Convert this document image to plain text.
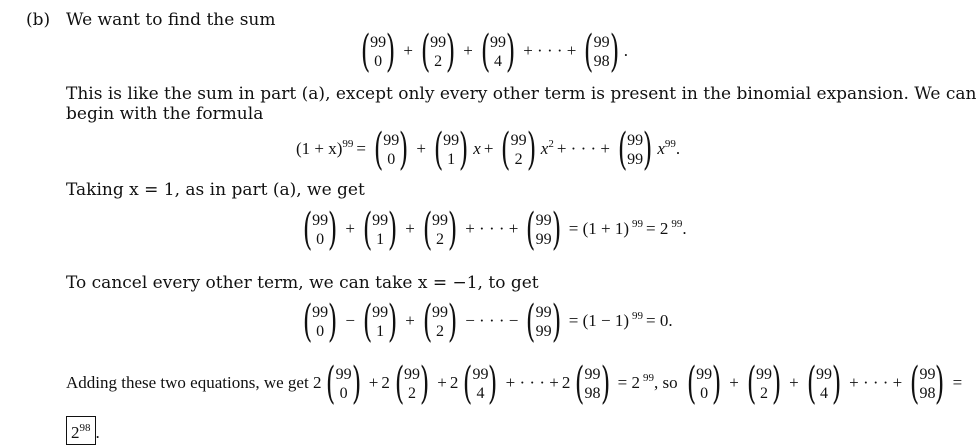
(b) We want to find the sum
( 99
0 ) + ( 99
2 ) + ( 99
4 ) + · · · + ( 99
98 ) .
This is like the sum in part (a), except only every other term is present in the binomial expansion. We can
begin with the formula
$(1 + x)^{99}$ = ( 99
0 ) + ( 99
1 ) x + ( 99
2 ) $x^2$ + · · · + ( 99
99 ) $x^{99}$.
Taking x = 1, as in part (a), we get
( 99
0 ) + ( 99
1 ) + ( 99
2 ) + · · · + ( 99
99 ) = (1 + 1) $^{99}$ = 2 $^{99}$.
To cancel every other term, we can take x = −1, to get
( 99
0 ) − ( 99
1 ) + ( 99
2 ) − · · · − ( 99
99 ) = (1 − 1) $^{99}$ = 0.
Adding these two equations, we get 2 ( 99
0 ) + 2 ( 99
2 ) + 2 ( 99
4 ) + · · · + 2 ( 99
98 ) = 2 $^{99}$, so ( 99
0 ) + ( 99
2 ) + ( 99
4 ) + · · · + ( 99
98 ) =
$2^{98}$ .
